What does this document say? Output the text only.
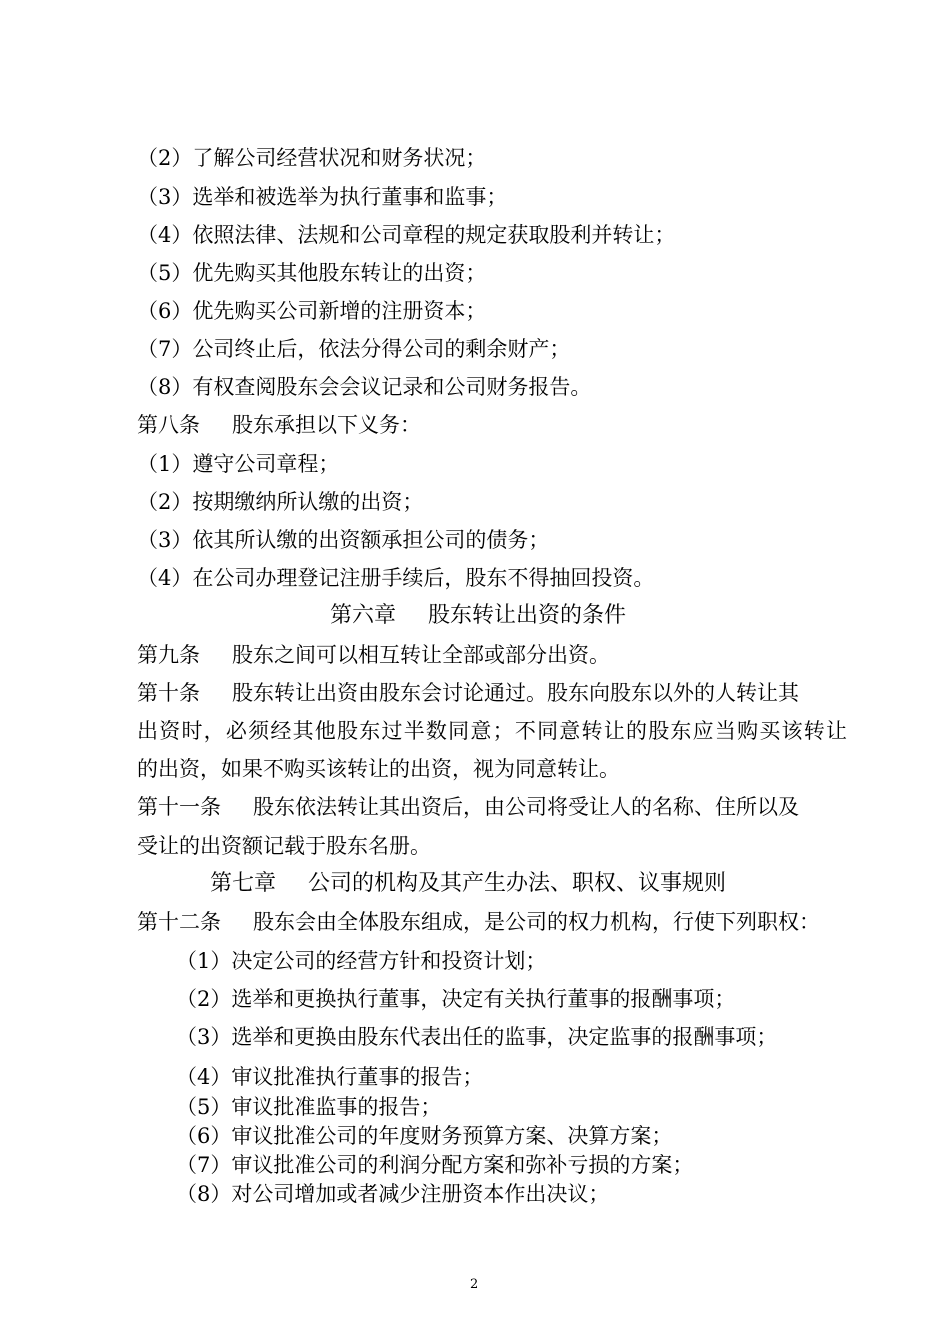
（2）了解公司经营状况和财务状况；
（3）选举和被选举为执行董事和监事；
（4）依照法律、法规和公司章程的规定获取股利并转让；
（5）优先购买其他股东转让的出资；
（6）优先购买公司新增的注册资本；
（7）公司终止后，依法分得公司的剩余财产；
（8）有权查阅股东会会议记录和公司财务报告。
第八条 股东承担以下义务：
（1）遵守公司章程；
（2）按期缴纳所认缴的出资；
（3）依其所认缴的出资额承担公司的债务；
（4）在公司办理登记注册手续后，股东不得抽回投资。
第六章 股东转让出资的条件
第九条 股东之间可以相互转让全部或部分出资。
第十条 股东转让出资由股东会讨论通过。股东向股东以外的人转让其
出资时，必须经其他股东过半数同意；不同意转让的股东应当购买该转让
的出资，如果不购买该转让的出资，视为同意转让。
第十一条 股东依法转让其出资后，由公司将受让人的名称、住所以及
受让的出资额记载于股东名册。
第七章 公司的机构及其产生办法、职权、议事规则
第十二条 股东会由全体股东组成，是公司的权力机构，行使下列职权：
（1）决定公司的经营方针和投资计划；
（2）选举和更换执行董事，决定有关执行董事的报酬事项；
（3）选举和更换由股东代表出任的监事，决定监事的报酬事项；
（4）审议批准执行董事的报告；
（5）审议批准监事的报告；
（6）审议批准公司的年度财务预算方案、决算方案；
（7）审议批准公司的利润分配方案和弥补亏损的方案；
（8）对公司增加或者减少注册资本作出决议；
2
